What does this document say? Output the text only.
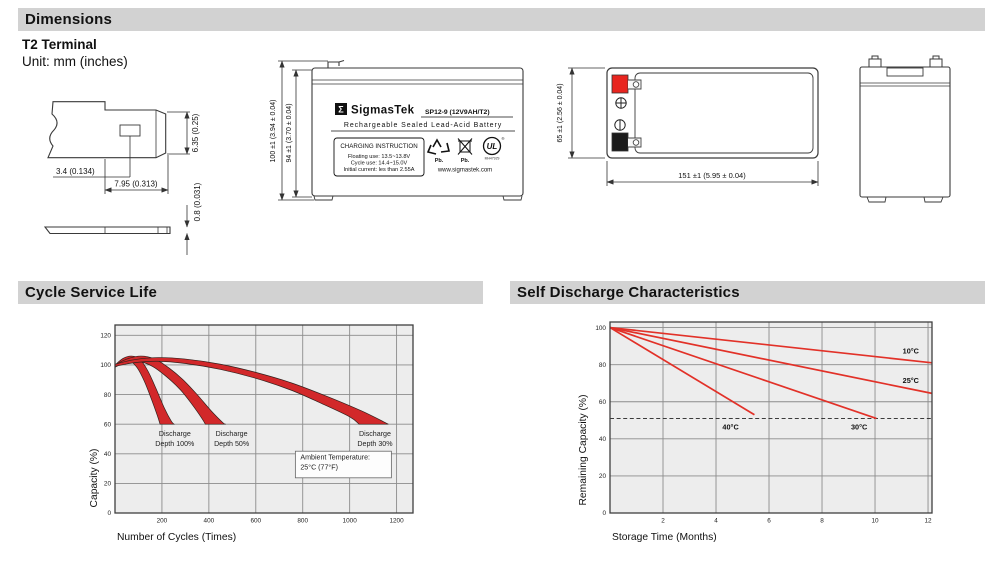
Dimensions
T2 Terminal
Unit: mm (inches)
3.4 (0.134)
7.95 (0.313)
6.35 (0.25)
0.8 (0.031)
Σ SigmasTek SP12-9 (12V9AH/T2)
Rechargeable Sealed Lead-Acid Battery
CHARGING INSTRUCTION
Floating use: 13.5~13.8V
Cycle use: 14.4~15.0V
Initial current: les than 2.55A
Pb.	Pb.
UL
®
MH47929
www.sigmastek.com
100 ±1 (3.94 ± 0.04) 94 ±1 (3.70 ± 0.04)	65 ±1 (2.56 ± 0.04)
151 ±1 (5.95 ± 0.04)
Cycle Service Life	Self Discharge Characteristics
200	400	600	800	1000	1200
0
20
40
60
80
100
120
Discharge
Depth 100%
Discharge
Depth 50%
Discharge
Depth 30%
Ambient Temperature:
25°C (77°F)
Number of Cycles (Times)
Capacity (%)
2	4	6	8	10	12
0
20
40
60
80
100
10°C
25°C
30°C
40°C
Storage Time (Months)
Remaining Capacity (%)
